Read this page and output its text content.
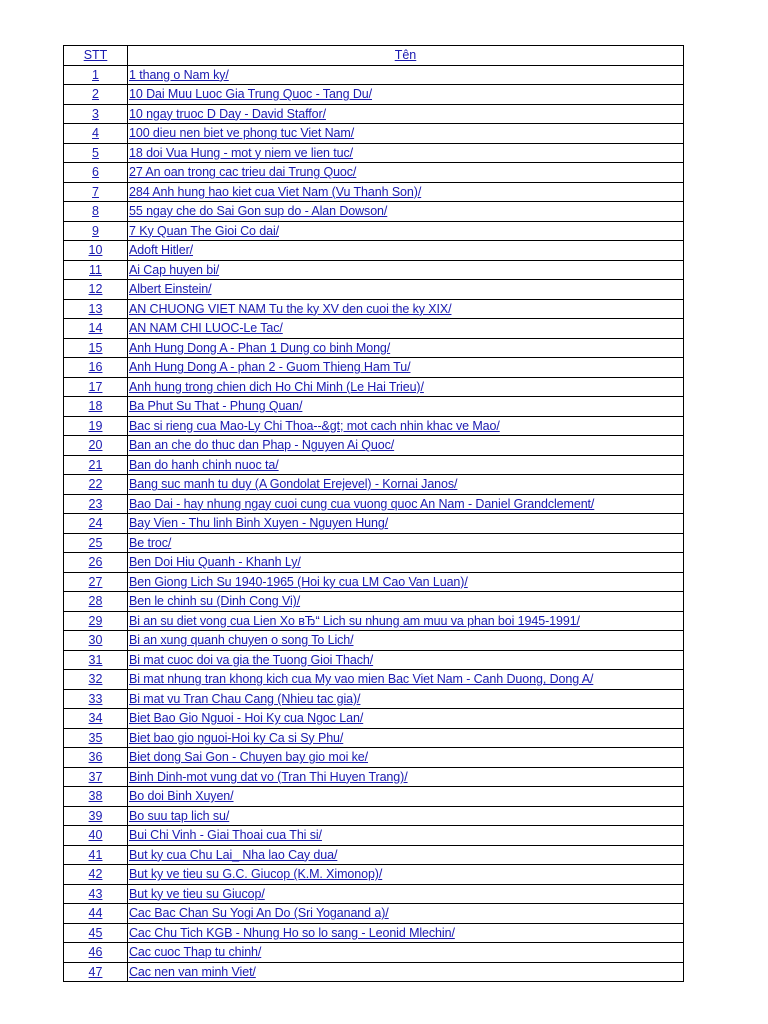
STT	Tên
1	1 thang o Nam ky/
2	10 Dai Muu Luoc Gia Trung Quoc - Tang Du/
3	10 ngay truoc D Day - David Staffor/
4	100 dieu nen biet ve phong tuc Viet Nam/
5	18 doi Vua Hung - mot y niem ve lien tuc/
6	27 An oan trong cac trieu dai Trung Quoc/
7	284 Anh hung hao kiet cua Viet Nam (Vu Thanh Son)/
8	55 ngay che do Sai Gon sup do - Alan Dowson/
9	7 Ky Quan The Gioi Co dai/
10	Adoft Hitler/
11	Ai Cap huyen bi/
12	Albert Einstein/
13	AN CHUONG VIET NAM Tu the ky XV den cuoi the ky XIX/
14	AN NAM CHI LUOC-Le Tac/
15	Anh Hung Dong A - Phan 1 Dung co binh Mong/
16	Anh Hung Dong A - phan 2 - Guom Thieng Ham Tu/
17	Anh hung trong chien dich Ho Chi Minh (Le Hai Trieu)/
18	Ba Phut Su That - Phung Quan/
19	Bac si rieng cua Mao-Ly Chi Thoa--&gt; mot cach nhin khac ve Mao/
20	Ban an che do thuc dan Phap - Nguyen Ai Quoc/
21	Ban do hanh chinh nuoc ta/
22	Bang suc manh tu duy (A Gondolat Erejevel) - Kornai Janos/
23	Bao Dai - hay nhung ngay cuoi cung cua vuong quoc An Nam - Daniel Grandclement/
24	Bay Vien - Thu linh Binh Xuyen - Nguyen Hung/
25	Be troc/
26	Ben Doi Hiu Quanh - Khanh Ly/
27	Ben Giong Lich Su 1940-1965 (Hoi ky cua LM Cao Van Luan)/
28	Ben le chinh su (Dinh Cong Vi)/
29	Bi an su diet vong cua Lien Xo вЂ“ Lich su nhung am muu va phan boi 1945-1991/
30	Bi an xung quanh chuyen o song To Lich/
31	Bi mat cuoc doi va gia the Tuong Gioi Thach/
32	Bi mat nhung tran khong kich cua My vao mien Bac Viet Nam - Canh Duong, Dong A/
33	Bi mat vu Tran Chau Cang (Nhieu tac gia)/
34	Biet Bao Gio Nguoi - Hoi Ky cua Ngoc Lan/
35	Biet bao gio nguoi-Hoi ky Ca si Sy Phu/
36	Biet dong Sai Gon - Chuyen bay gio moi ke/
37	Binh Dinh-mot vung dat vo (Tran Thi Huyen Trang)/
38	Bo doi Binh Xuyen/
39	Bo suu tap lich su/
40	Bui Chi Vinh - Giai Thoai cua Thi si/
41	But ky cua Chu Lai_ Nha lao Cay dua/
42	But ky ve tieu su G.C. Giucop (K.M. Ximonop)/
43	But ky ve tieu su Giucop/
44	Cac Bac Chan Su Yogi An Do (Sri Yoganand a)/
45	Cac Chu Tich KGB - Nhung Ho so lo sang - Leonid Mlechin/
46	Cac cuoc Thap tu chinh/
47	Cac nen van minh Viet/
